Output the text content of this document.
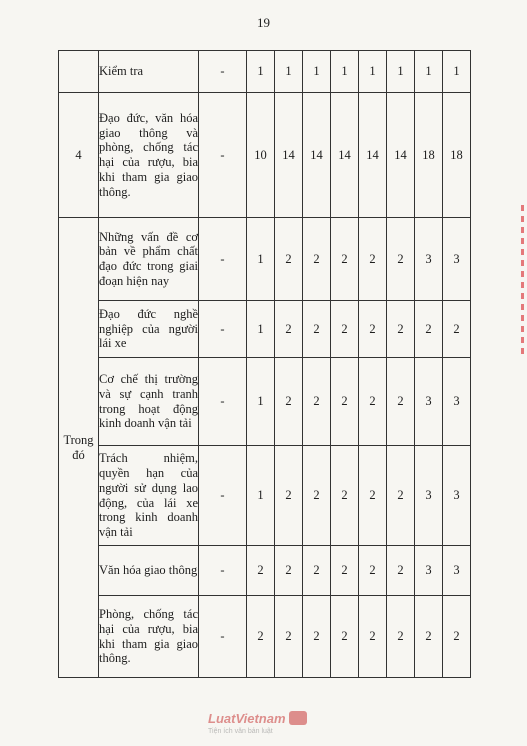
19
	Kiểm tra	-	1	1	1	1	1	1	1	1
4	Đạo đức, văn hóa giao thông và phòng, chống tác hại của rượu, bia khi tham gia giao thông.	-	10	14	14	14	14	14	18	18
Trong đó	Những vấn đề cơ bản về phẩm chất đạo đức trong giai đoạn hiện nay	-	1	2	2	2	2	2	3	3
	Đạo đức nghề nghiệp của người lái xe	-	1	2	2	2	2	2	2	2
	Cơ chế thị trường và sự cạnh tranh trong hoạt động kinh doanh vận tải	-	1	2	2	2	2	2	3	3
	Trách nhiệm, quyền hạn của người sử dụng lao động, của lái xe trong kinh doanh vận tải	-	1	2	2	2	2	2	3	3
	Văn hóa giao thông	-	2	2	2	2	2	2	3	3
	Phòng, chống tác hại của rượu, bia khi tham gia giao thông.	-	2	2	2	2	2	2	2	2
LuatVietnam
Tiện ích văn bản luật
